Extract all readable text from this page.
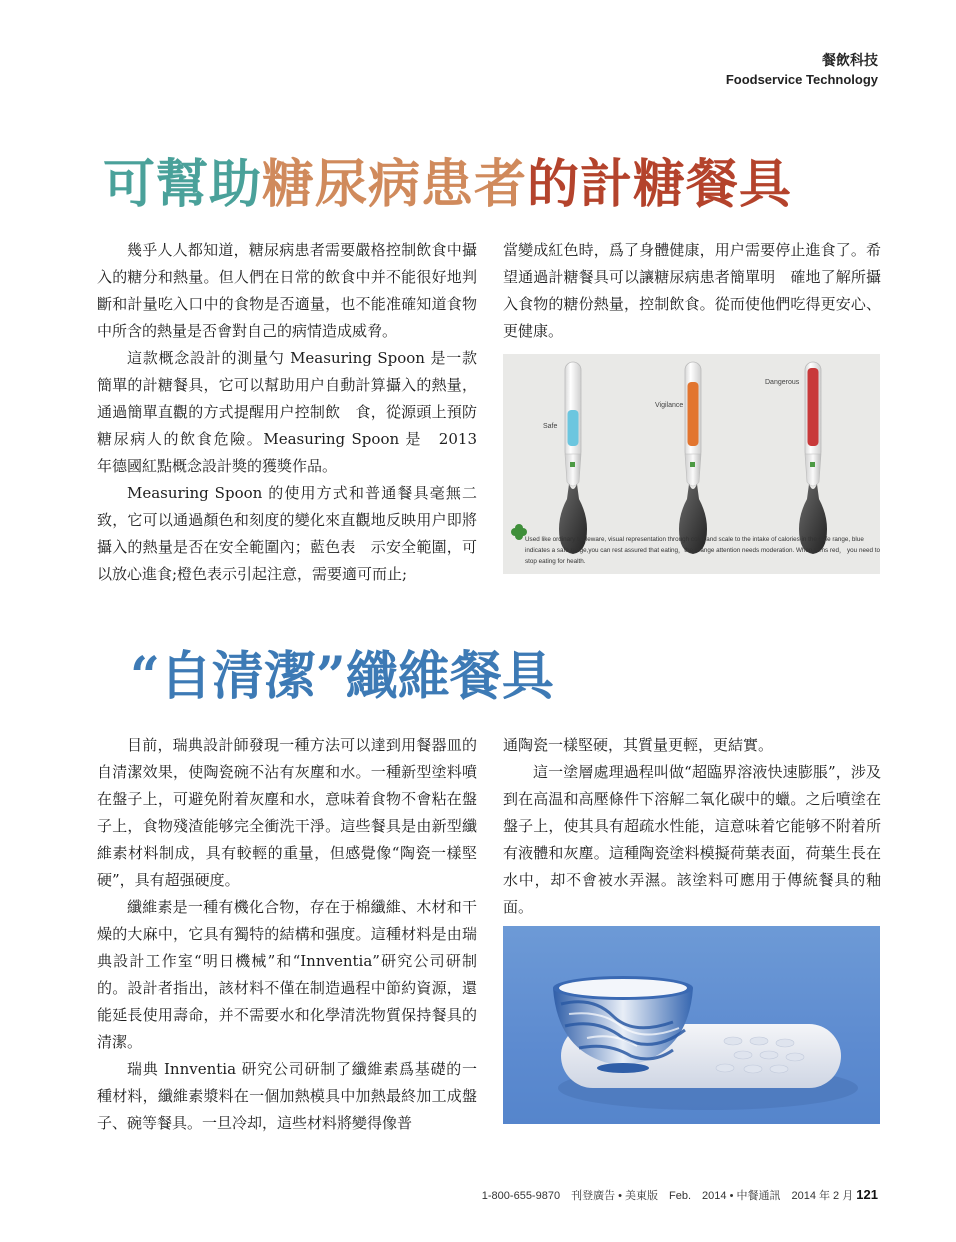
餐飲科技
Foodservice Technology
可幫助糖尿病患者的計糖餐具

幾乎人人都知道，糖尿病患者需要嚴格控制飲食中攝入的糖分和熱量。但人們在日常的飲食中并不能很好地判斷和計量吃入口中的食物是否適量，也不能准確知道食物中所含的熱量是否會對自己的病情造成威脅。

這款概念設計的測量勺 Measuring Spoon 是一款簡單的計糖餐具，它可以幫助用户自動計算攝入的熱量，通過簡單直觀的方式提醒用户控制飲　食，從源頭上預防糖尿病人的飲食危險。Measuring Spoon 是　2013　年德國紅點概念設計獎的獲獎作品。

Measuring Spoon 的使用方式和普通餐具毫無二致，它可以通過顏色和刻度的變化來直觀地反映用户即將攝入的熱量是否在安全範圍內；藍色表　示安全範圍，可以放心進食;橙色表示引起注意，需要適可而止;

當變成紅色時，爲了身體健康，用户需要停止進食了。希望通過計糖餐具可以讓糖尿病患者簡單明　確地了解所攝入食物的糖份熱量，控制飲食。從而使他們吃得更安心、更健康。

Safe
Vigilance
Dangerous
Used like ordinary tableware, visual representation through color and scale to the intake of calories in the safe range, blue indicates a safe range,you can rest assured that eating，the orange attention needs moderation. When turns red， you need to stop eating for health.
“自清潔”纖維餐具

目前，瑞典設計師發現一種方法可以達到用餐器皿的自清潔效果，使陶瓷碗不沾有灰塵和水。一種新型塗料噴在盤子上，可避免附着灰塵和水，意味着食物不會粘在盤子上，食物殘渣能够完全衝洗干淨。這些餐具是由新型纖維素材料制成，具有較輕的重量，但感覺像“陶瓷一樣堅硬”，具有超强硬度。

纖維素是一種有機化合物，存在于棉纖維、木材和干燥的大麻中，它具有獨特的結構和强度。這種材料是由瑞典設計工作室“明日機械”和“Innventia”研究公司研制的。設計者指出，該材料不僅在制造過程中節約資源，還能延長使用壽命，并不需要水和化學清洗物質保持餐具的清潔。

瑞典 Innventia 研究公司研制了纖維素爲基礎的一種材料，纖維素漿料在一個加熱模具中加熱最終加工成盤子、碗等餐具。一旦冷却，這些材料將變得像普

通陶瓷一樣堅硬，其質量更輕，更結實。

這一塗層處理過程叫做“超臨界溶液快速膨脹”，涉及到在高温和高壓條件下溶解二氧化碳中的蠟。之后噴塗在盤子上，使其具有超疏水性能，這意味着它能够不附着所有液體和灰塵。這種陶瓷塗料模擬荷葉表面，荷葉生長在水中，却不會被水弄濕。該塗料可應用于傳統餐具的釉面。

1-800-655-9870　刊登廣告 • 美東版　Feb.　2014 • 中餐通訊　2014 年 2 月 121
